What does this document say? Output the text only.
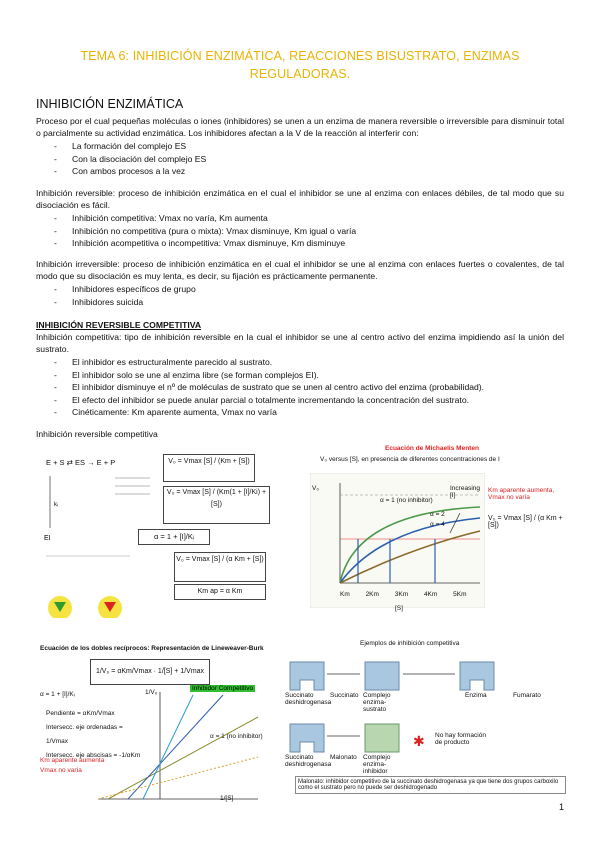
TEMA 6: INHIBICIÓN ENZIMÁTICA, REACCIONES BISUSTRATO, ENZIMAS REGULADORAS.
INHIBICIÓN ENZIMÁTICA
Proceso por el cual pequeñas moléculas o iones (inhibidores) se unen a un enzima de manera reversible o irreversible para disminuir total o parcialmente su actividad enzimática. Los inhibidores afectan a la V de la reacción al interferir con:
- La formación del complejo ES
- Con la disociación del complejo ES
- Con ambos procesos a la vez
Inhibición reversible: proceso de inhibición enzimática en el cual el inhibidor se une al enzima con enlaces débiles, de tal modo que su disociación es fácil.
- Inhibición competitiva: Vmax no varía, Km aumenta
- Inhibición no competitiva (pura o mixta): Vmax disminuye, Km igual o varía
- Inhibición acompetitiva o incompetitiva: Vmax disminuye, Km disminuye
Inhibición irreversible: proceso de inhibición enzimática en el cual el inhibidor se une al enzima con enlaces fuertes o covalentes, de tal modo que su disociación es muy lenta, es decir, su fijación es prácticamente permanente.
- Inhibidores específicos de grupo
- Inhibidores suicida
INHIBICIÓN REVERSIBLE COMPETITIVA
Inhibición competitiva: tipo de inhibición reversible en la cual el inhibidor se une al centro activo del enzima impidiendo así la unión del sustrato.
- El inhibidor es estructuralmente parecido al sustrato.
- El inhibidor solo se une al enzima libre (se forman complejos EI).
- El inhibidor disminuye el nº de moléculas de sustrato que se unen al centro activo del enzima (probabilidad).
- El efecto del inhibidor se puede anular parcial o totalmente incrementando la concentración del sustrato.
- Cinéticamente: Km aparente aumenta, Vmax no varía
Inhibición reversible competitiva
E + S ⇄ ES → E + P
EI
kᵢ
V₀ = Vmax [S] / (Km + [S])
V₀ = Vmax [S] / (Km(1 + [I]/Ki) + [S])
α = 1 + [I]/Kᵢ
V₀ = Vmax [S] / (α Km + [S])
Km ap = α Km
Ecuación de Michaelis Menten
V₀ versus [S], en presencia de diferentes concentraciones de I
V₀
[S]
α = 1 (no inhibitor)
α = 2
α = 4
Increasing [I]
Km aparente aumenta, Vmax no varía
V₀ = Vmax [S] / (α Km + [S])
Km 2Km 3Km 4Km 5Km
Ecuación de los dobles recíprocos: Representación de Lineweaver-Burk
1/V₀ = αKm/Vmax · 1/[S] + 1/Vmax
α = 1 + [I]/Kᵢ
Pendiente = αKm/Vmax
Intersecc. eje ordenadas = 1/Vmax
Intersecc. eje abscisas = -1/αKm
Km aparente aumenta
Vmax no varía
Inhibidor Competitivo
α = 1 (no inhibitor)
1/[S]
1/V₀
Ejemplos de inhibición competitiva
✱
Succinato deshidrogenasa
Succinato Complejo enzima-sustrato
Enzima	Fumarato
Succinato deshidrogenasa
Malonato Complejo enzima-inhibidor
No hay formación de producto
Malonato: inhibidor competitivo de la succinato deshidrogenasa ya que tiene dos grupos carboxilo como el sustrato pero no puede ser deshidrogenado
1
